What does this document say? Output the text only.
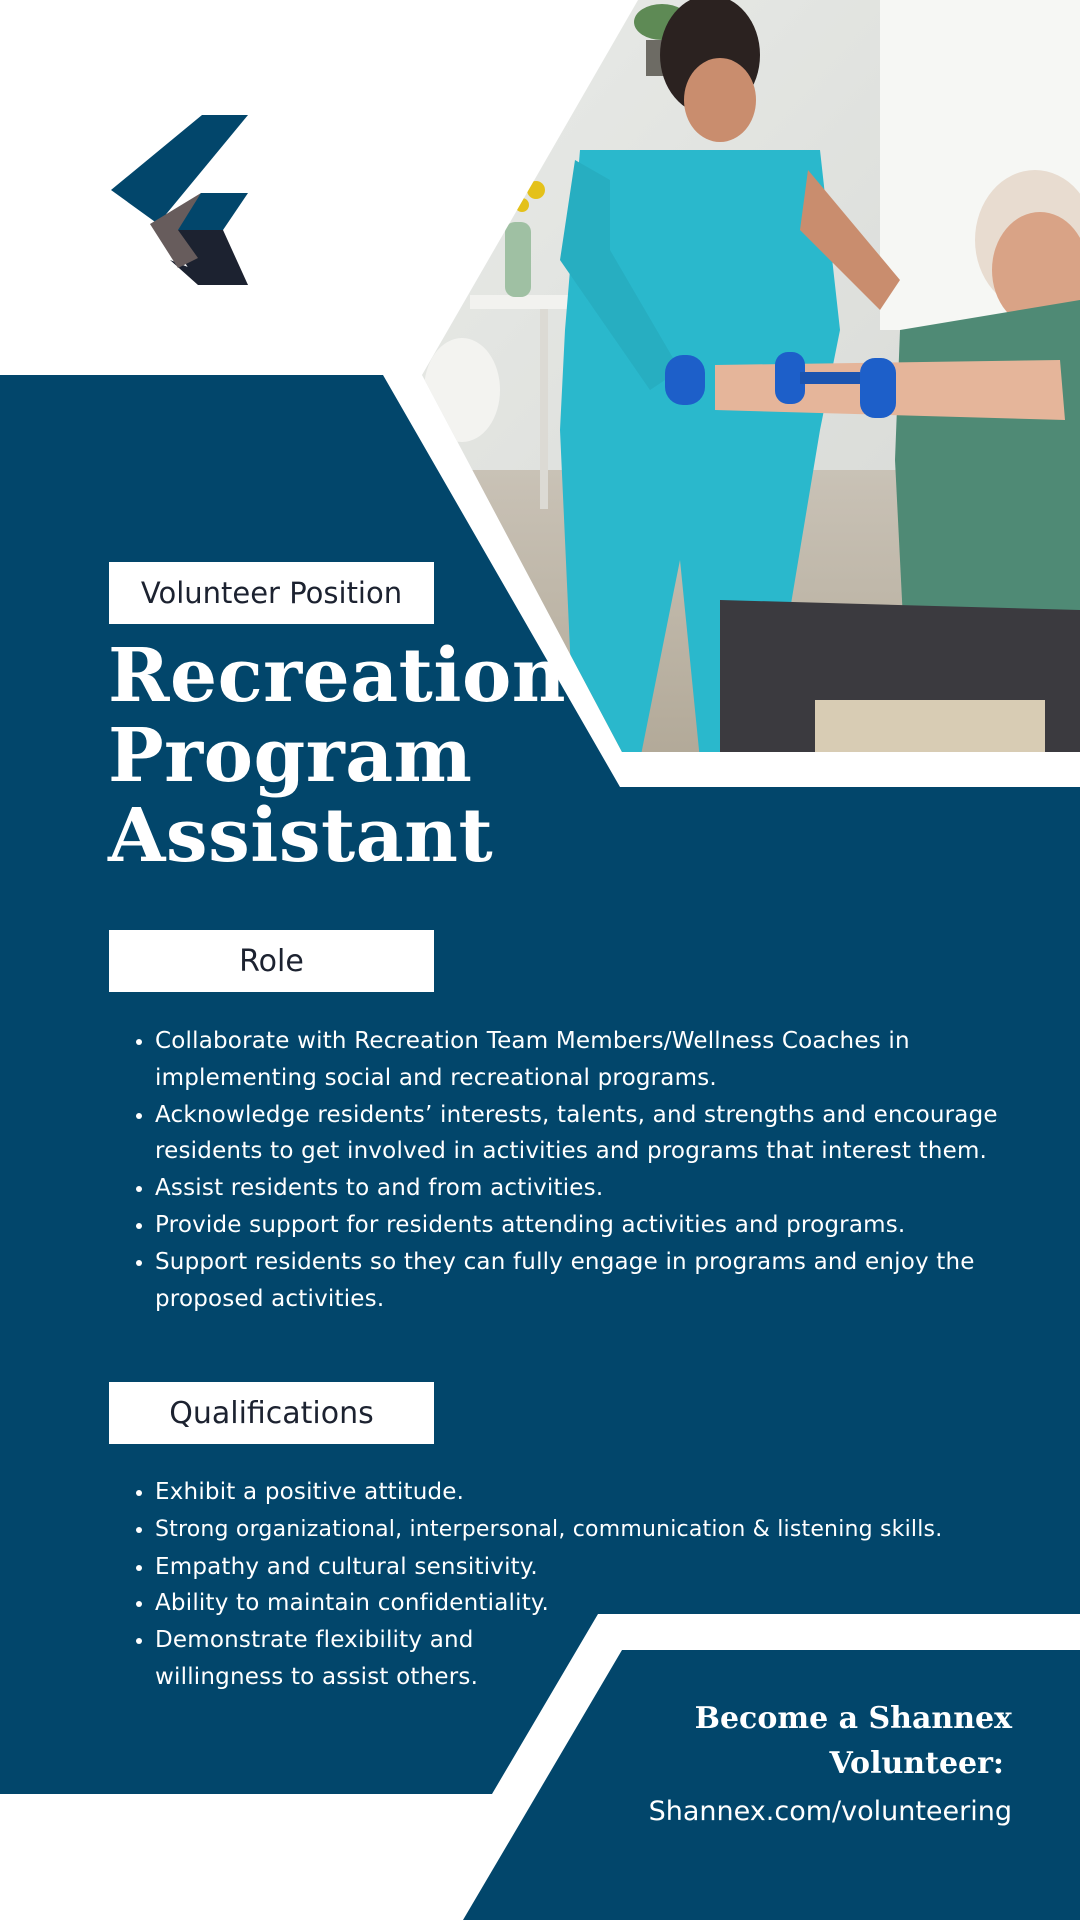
Volunteer Position
Recreation
Program
Assistant
Role
• Collaborate with Recreation Team Members/Wellness Coaches in implementing social and recreational programs.
• Acknowledge residents’ interests, talents, and strengths and encourage residents to get involved in activities and programs that interest them.
• Assist residents to and from activities.
• Provide support for residents attending activities and programs.
• Support residents so they can fully engage in programs and enjoy the proposed activities.
Qualifications
• Exhibit a positive attitude.
• Strong organizational, interpersonal, communication & listening skills.
• Empathy and cultural sensitivity.
• Ability to maintain confidentiality.
• Demonstrate flexibility and willingness to assist others.
Become a Shannex
Volunteer:
Shannex.com/volunteering
